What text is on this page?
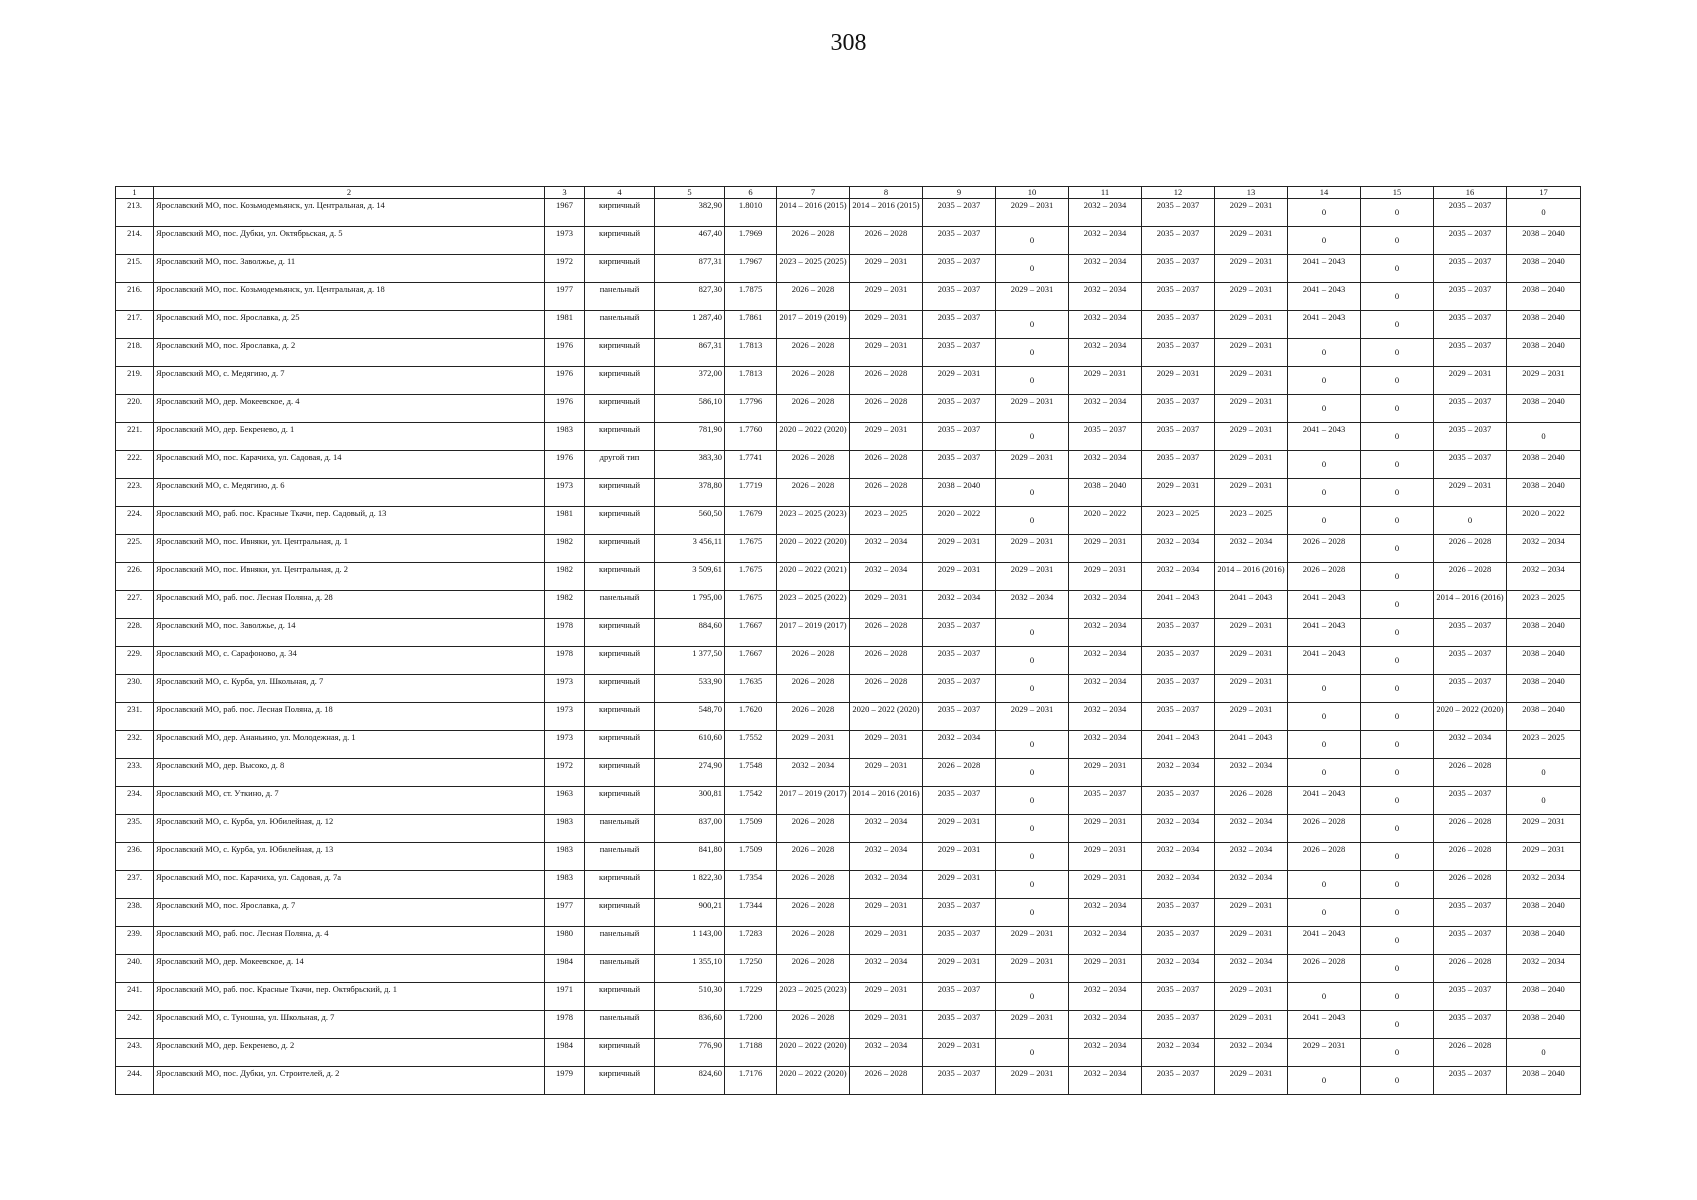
308
1	2	3	4	5	6	7	8	9	10	11	12	13	14	15	16	17
213.	Ярославский МО, пос. Козьмодемьянск, ул. Центральная, д. 14	1967	кирпичный	382,90	1.8010	2014 – 2016 (2015)	2014 – 2016 (2015)	2035 – 2037	2029 – 2031	2032 – 2034	2035 – 2037	2029 – 2031	0	0	2035 – 2037	0
214.	Ярославский МО, пос. Дубки, ул. Октябрьская, д. 5	1973	кирпичный	467,40	1.7969	2026 – 2028	2026 – 2028	2035 – 2037	0	2032 – 2034	2035 – 2037	2029 – 2031	0	0	2035 – 2037	2038 – 2040
215.	Ярославский МО, пос. Заволжье, д. 11	1972	кирпичный	877,31	1.7967	2023 – 2025 (2025)	2029 – 2031	2035 – 2037	0	2032 – 2034	2035 – 2037	2029 – 2031	2041 – 2043	0	2035 – 2037	2038 – 2040
216.	Ярославский МО, пос. Козьмодемьянск, ул. Центральная, д. 18	1977	панельный	827,30	1.7875	2026 – 2028	2029 – 2031	2035 – 2037	2029 – 2031	2032 – 2034	2035 – 2037	2029 – 2031	2041 – 2043	0	2035 – 2037	2038 – 2040
217.	Ярославский МО, пос. Ярославка, д. 25	1981	панельный	1 287,40	1.7861	2017 – 2019 (2019)	2029 – 2031	2035 – 2037	0	2032 – 2034	2035 – 2037	2029 – 2031	2041 – 2043	0	2035 – 2037	2038 – 2040
218.	Ярославский МО, пос. Ярославка, д. 2	1976	кирпичный	867,31	1.7813	2026 – 2028	2029 – 2031	2035 – 2037	0	2032 – 2034	2035 – 2037	2029 – 2031	0	0	2035 – 2037	2038 – 2040
219.	Ярославский МО, с. Медягино, д. 7	1976	кирпичный	372,00	1.7813	2026 – 2028	2026 – 2028	2029 – 2031	0	2029 – 2031	2029 – 2031	2029 – 2031	0	0	2029 – 2031	2029 – 2031
220.	Ярославский МО, дер. Мокеевское, д. 4	1976	кирпичный	586,10	1.7796	2026 – 2028	2026 – 2028	2035 – 2037	2029 – 2031	2032 – 2034	2035 – 2037	2029 – 2031	0	0	2035 – 2037	2038 – 2040
221.	Ярославский МО, дер. Бекренево, д. 1	1983	кирпичный	781,90	1.7760	2020 – 2022 (2020)	2029 – 2031	2035 – 2037	0	2035 – 2037	2035 – 2037	2029 – 2031	2041 – 2043	0	2035 – 2037	0
222.	Ярославский МО, пос. Карачиха, ул. Садовая, д. 14	1976	другой тип	383,30	1.7741	2026 – 2028	2026 – 2028	2035 – 2037	2029 – 2031	2032 – 2034	2035 – 2037	2029 – 2031	0	0	2035 – 2037	2038 – 2040
223.	Ярославский МО, с. Медягино, д. 6	1973	кирпичный	378,80	1.7719	2026 – 2028	2026 – 2028	2038 – 2040	0	2038 – 2040	2029 – 2031	2029 – 2031	0	0	2029 – 2031	2038 – 2040
224.	Ярославский МО, раб. пос. Красные Ткачи, пер. Садовый, д. 13	1981	кирпичный	560,50	1.7679	2023 – 2025 (2023)	2023 – 2025	2020 – 2022	0	2020 – 2022	2023 – 2025	2023 – 2025	0	0	0	2020 – 2022
225.	Ярославский МО, пос. Ивняки, ул. Центральная, д. 1	1982	кирпичный	3 456,11	1.7675	2020 – 2022 (2020)	2032 – 2034	2029 – 2031	2029 – 2031	2029 – 2031	2032 – 2034	2032 – 2034	2026 – 2028	0	2026 – 2028	2032 – 2034
226.	Ярославский МО, пос. Ивняки, ул. Центральная, д. 2	1982	кирпичный	3 509,61	1.7675	2020 – 2022 (2021)	2032 – 2034	2029 – 2031	2029 – 2031	2029 – 2031	2032 – 2034	2014 – 2016 (2016)	2026 – 2028	0	2026 – 2028	2032 – 2034
227.	Ярославский МО, раб. пос. Лесная Поляна, д. 28	1982	панельный	1 795,00	1.7675	2023 – 2025 (2022)	2029 – 2031	2032 – 2034	2032 – 2034	2032 – 2034	2041 – 2043	2041 – 2043	2041 – 2043	0	2014 – 2016 (2016)	2023 – 2025
228.	Ярославский МО, пос. Заволжье, д. 14	1978	кирпичный	884,60	1.7667	2017 – 2019 (2017)	2026 – 2028	2035 – 2037	0	2032 – 2034	2035 – 2037	2029 – 2031	2041 – 2043	0	2035 – 2037	2038 – 2040
229.	Ярославский МО, с. Сарафоново, д. 34	1978	кирпичный	1 377,50	1.7667	2026 – 2028	2026 – 2028	2035 – 2037	0	2032 – 2034	2035 – 2037	2029 – 2031	2041 – 2043	0	2035 – 2037	2038 – 2040
230.	Ярославский МО, с. Курба, ул. Школьная, д. 7	1973	кирпичный	533,90	1.7635	2026 – 2028	2026 – 2028	2035 – 2037	0	2032 – 2034	2035 – 2037	2029 – 2031	0	0	2035 – 2037	2038 – 2040
231.	Ярославский МО, раб. пос. Лесная Поляна, д. 18	1973	кирпичный	548,70	1.7620	2026 – 2028	2020 – 2022 (2020)	2035 – 2037	2029 – 2031	2032 – 2034	2035 – 2037	2029 – 2031	0	0	2020 – 2022 (2020)	2038 – 2040
232.	Ярославский МО, дер. Ананьино, ул. Молодежная, д. 1	1973	кирпичный	610,60	1.7552	2029 – 2031	2029 – 2031	2032 – 2034	0	2032 – 2034	2041 – 2043	2041 – 2043	0	0	2032 – 2034	2023 – 2025
233.	Ярославский МО, дер. Высоко, д. 8	1972	кирпичный	274,90	1.7548	2032 – 2034	2029 – 2031	2026 – 2028	0	2029 – 2031	2032 – 2034	2032 – 2034	0	0	2026 – 2028	0
234.	Ярославский МО, ст. Уткино, д. 7	1963	кирпичный	300,81	1.7542	2017 – 2019 (2017)	2014 – 2016 (2016)	2035 – 2037	0	2035 – 2037	2035 – 2037	2026 – 2028	2041 – 2043	0	2035 – 2037	0
235.	Ярославский МО, с. Курба, ул. Юбилейная, д. 12	1983	панельный	837,00	1.7509	2026 – 2028	2032 – 2034	2029 – 2031	0	2029 – 2031	2032 – 2034	2032 – 2034	2026 – 2028	0	2026 – 2028	2029 – 2031
236.	Ярославский МО, с. Курба, ул. Юбилейная, д. 13	1983	панельный	841,80	1.7509	2026 – 2028	2032 – 2034	2029 – 2031	0	2029 – 2031	2032 – 2034	2032 – 2034	2026 – 2028	0	2026 – 2028	2029 – 2031
237.	Ярославский МО, пос. Карачиха, ул. Садовая, д. 7а	1983	кирпичный	1 822,30	1.7354	2026 – 2028	2032 – 2034	2029 – 2031	0	2029 – 2031	2032 – 2034	2032 – 2034	0	0	2026 – 2028	2032 – 2034
238.	Ярославский МО, пос. Ярославка, д. 7	1977	кирпичный	900,21	1.7344	2026 – 2028	2029 – 2031	2035 – 2037	0	2032 – 2034	2035 – 2037	2029 – 2031	0	0	2035 – 2037	2038 – 2040
239.	Ярославский МО, раб. пос. Лесная Поляна, д. 4	1980	панельный	1 143,00	1.7283	2026 – 2028	2029 – 2031	2035 – 2037	2029 – 2031	2032 – 2034	2035 – 2037	2029 – 2031	2041 – 2043	0	2035 – 2037	2038 – 2040
240.	Ярославский МО, дер. Мокеевское, д. 14	1984	панельный	1 355,10	1.7250	2026 – 2028	2032 – 2034	2029 – 2031	2029 – 2031	2029 – 2031	2032 – 2034	2032 – 2034	2026 – 2028	0	2026 – 2028	2032 – 2034
241.	Ярославский МО, раб. пос. Красные Ткачи, пер. Октябрьский, д. 1	1971	кирпичный	510,30	1.7229	2023 – 2025 (2023)	2029 – 2031	2035 – 2037	0	2032 – 2034	2035 – 2037	2029 – 2031	0	0	2035 – 2037	2038 – 2040
242.	Ярославский МО, с. Туношна, ул. Школьная, д. 7	1978	панельный	836,60	1.7200	2026 – 2028	2029 – 2031	2035 – 2037	2029 – 2031	2032 – 2034	2035 – 2037	2029 – 2031	2041 – 2043	0	2035 – 2037	2038 – 2040
243.	Ярославский МО, дер. Бекренево, д. 2	1984	кирпичный	776,90	1.7188	2020 – 2022 (2020)	2032 – 2034	2029 – 2031	0	2032 – 2034	2032 – 2034	2032 – 2034	2029 – 2031	0	2026 – 2028	0
244.	Ярославский МО, пос. Дубки, ул. Строителей, д. 2	1979	кирпичный	824,60	1.7176	2020 – 2022 (2020)	2026 – 2028	2035 – 2037	2029 – 2031	2032 – 2034	2035 – 2037	2029 – 2031	0	0	2035 – 2037	2038 – 2040
